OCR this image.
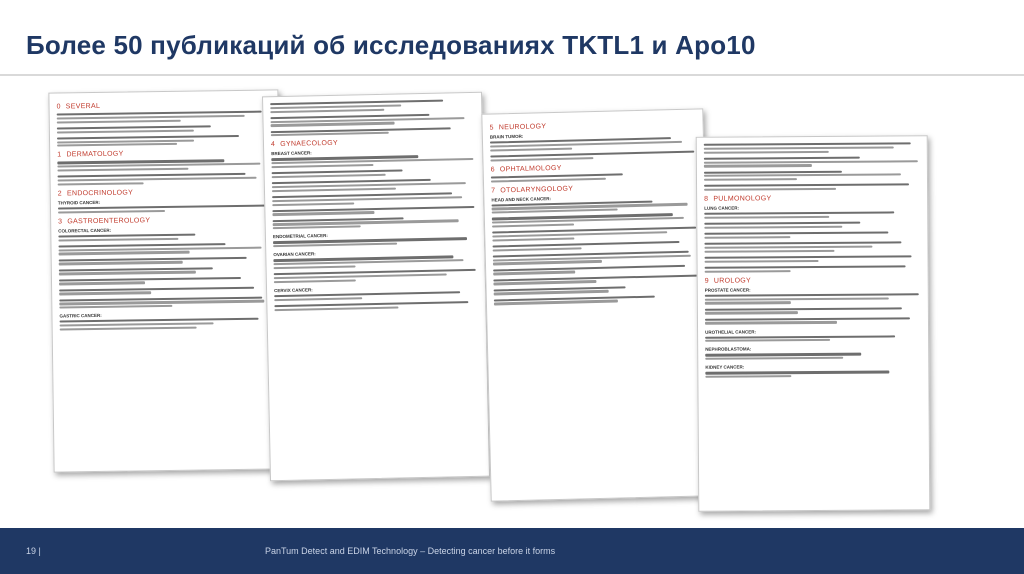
Более 50 публикаций об исследованиях TKTL1 и Apo10
0 SEVERAL
1 DERMATOLOGY
2 ENDOCRINOLOGY
THYROID CANCER:
3 GASTROENTEROLOGY
COLORECTAL CANCER:
GASTRIC CANCER:
4 GYNAECOLOGY
BREAST CANCER:
ENDOMETRIAL CANCER:
OVARIAN CANCER:
CERVIX CANCER:
5 NEUROLOGY
BRAIN TUMOR:
6 OPHTALMOLOGY
7 OTOLARYNGOLOGY
HEAD AND NECK CANCER:	8 PULMONOLOGY
LUNG CANCER:
9 UROLOGY
PROSTATE CANCER:
UROTHELIAL CANCER:
NEPHROBLASTOMA:
KIDNEY CANCER:
19 |	PanTum Detect and EDIM Technology – Detecting cancer before it forms
